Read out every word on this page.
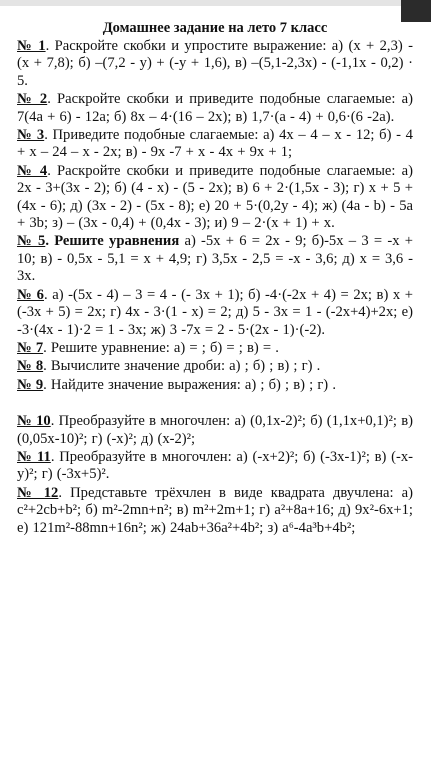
Домашнее задание на лето 7 класс
№ 1. Раскройте скобки и упростите выражение: а) (х + 2,3) - (х + 7,8); б) –(7,2 - у) + (-у + 1,6), в) –(5,1-2,3х) - (-1,1х - 0,2) · 5.
№ 2. Раскройте скобки и приведите подобные слагаемые: а) 7(4a + 6) - 12a; б) 8x – 4·(16 – 2x); в) 1,7·(а - 4) + 0,6·(6 -2а).
№ 3. Приведите подобные слагаемые: а) 4х – 4 – х - 12; б) - 4 + х – 24 – х - 2х; в) - 9х -7 + х - 4х + 9х + 1;
№ 4. Раскройте скобки и приведите подобные слагаемые: а) 2х - 3+(3х - 2); б) (4 - х) - (5 - 2х); в) 6 + 2·(1,5х - 3); г) х + 5 + (4х - 6); д) (3х - 2) - (5х - 8); е) 20 + 5·(0,2у - 4); ж) (4а - b) - 5а + 3b; з) – (3х - 0,4) + (0,4х - 3); и) 9 – 2·(х + 1) + х.
№ 5. Решите уравнения а) -5х + 6 = 2х - 9; б)-5х – 3 = -х + 10; в) - 0,5х - 5,1 = х + 4,9; г) 3,5х - 2,5 = -х - 3,6; д) х = 3,6 - 3х.
№ 6. а) -(5х - 4) – 3 = 4 - (- 3х + 1); б) -4·(-2х + 4) = 2х; в) х + (-3х + 5) = 2х; г) 4х - 3·(1 - х) = 2; д) 5 - 3х = 1 - (-2х+4)+2х; е) -3·(4х - 1)·2 = 1 - 3х; ж) 3 -7х = 2 - 5·(2х - 1)·(-2).
№ 7. Решите уравнение: а) = ; б) = ; в) = .
№ 8. Вычислите значение дроби: а) ; б) ; в) ; г) .
№ 9. Найдите значение выражения: а) ; б) ; в) ; г) .
№ 10. Преобразуйте в многочлен: а) (0,1х-2)²; б) (1,1х+0,1)²; в) (0,05х-10)²; г) (-х)²; д) (х-2)²;
№ 11. Преобразуйте в многочлен: а) (-х+2)²; б) (-3х-1)²; в) (-х-у)²; г) (-3х+5)².
№ 12. Представьте трёхчлен в виде квадрата двучлена: а) c²+2cb+b²; б) m²-2mn+n²; в) m²+2m+1; г) a²+8a+16; д) 9x²-6x+1; е) 121m²-88mn+16n²; ж) 24ab+36a²+4b²; з) a⁶-4a³b+4b²;
